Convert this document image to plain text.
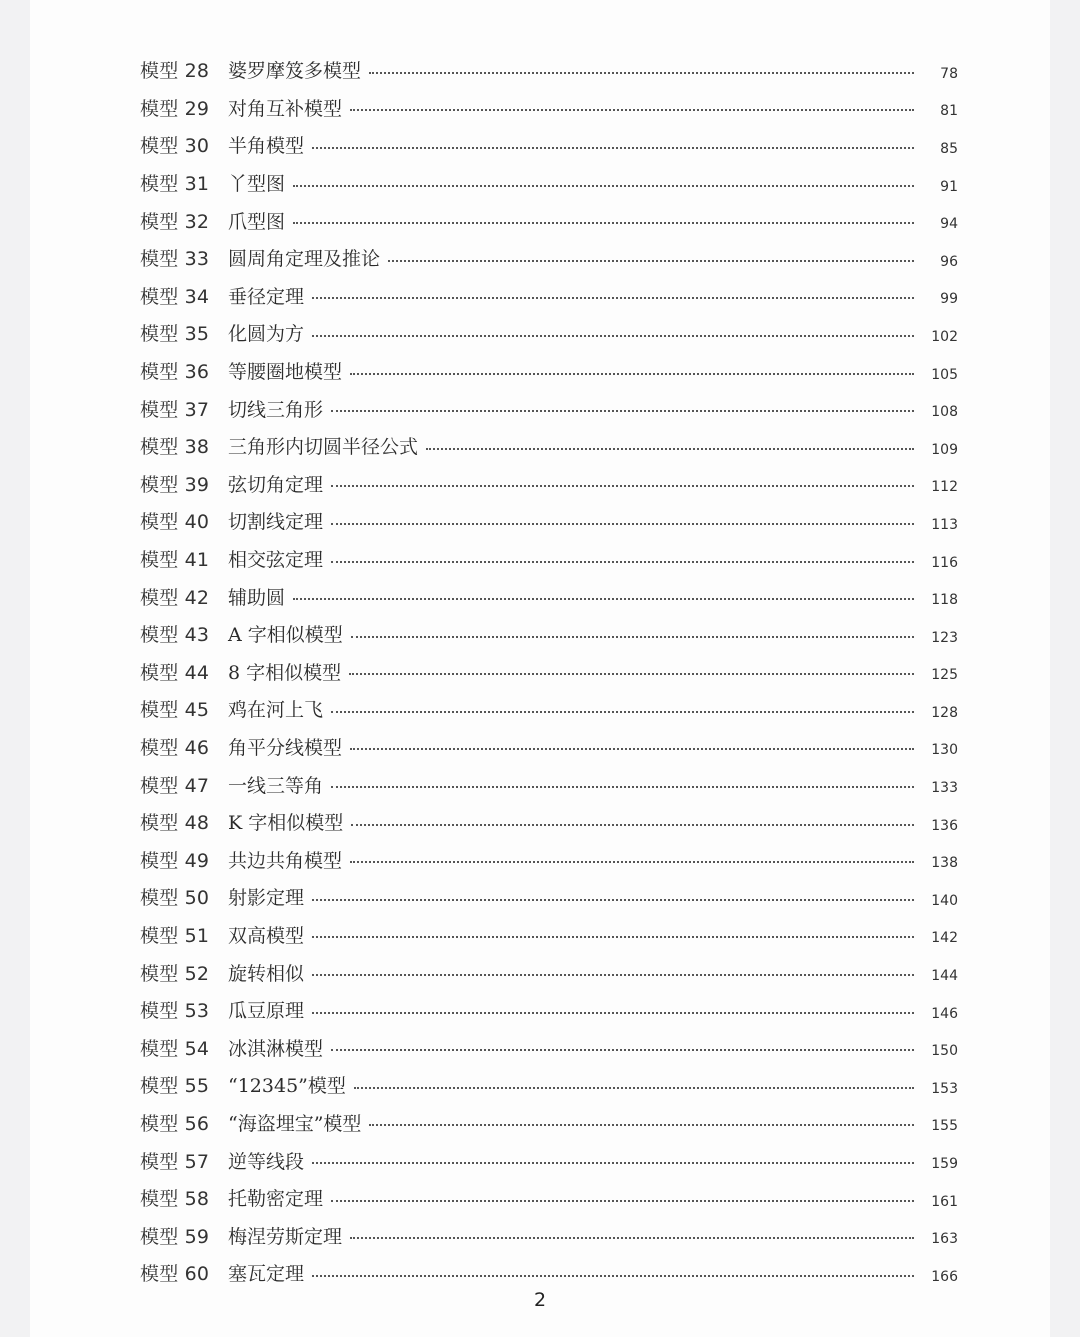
模型 28 婆罗摩笈多模型	78
模型 29 对角互补模型	81
模型 30 半角模型	85
模型 31 丫型图	91
模型 32 爪型图	94
模型 33 圆周角定理及推论	96
模型 34 垂径定理	99
模型 35 化圆为方	102
模型 36 等腰圈地模型	105
模型 37 切线三角形	108
模型 38 三角形内切圆半径公式	109
模型 39 弦切角定理	112
模型 40 切割线定理	113
模型 41 相交弦定理	116
模型 42 辅助圆	118
模型 43 A 字相似模型	123
模型 44 8 字相似模型	125
模型 45 鸡在河上飞	128
模型 46 角平分线模型	130
模型 47 一线三等角	133
模型 48 K 字相似模型	136
模型 49 共边共角模型	138
模型 50 射影定理	140
模型 51 双高模型	142
模型 52 旋转相似	144
模型 53 瓜豆原理	146
模型 54 冰淇淋模型	150
模型 55 “12345”模型	153
模型 56 “海盗埋宝”模型	155
模型 57 逆等线段	159
模型 58 托勒密定理	161
模型 59 梅涅劳斯定理	163
模型 60 塞瓦定理	166
2
